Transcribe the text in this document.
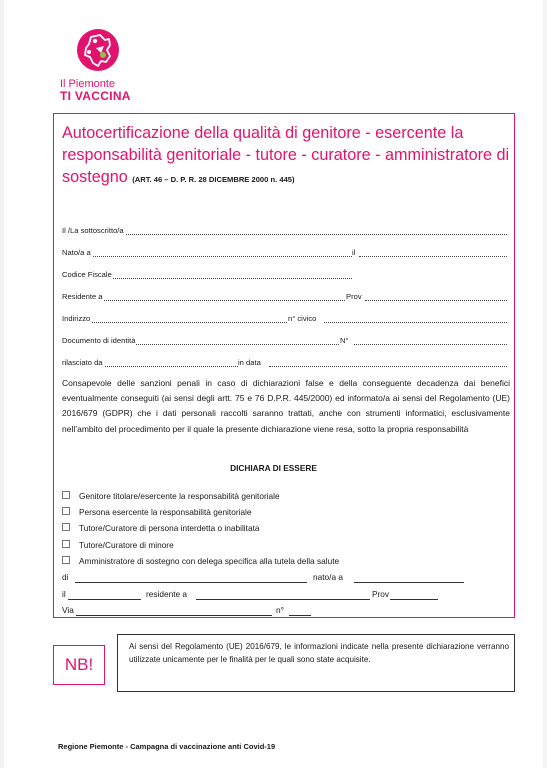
Il Piemonte
TI VACCINA
Autocertificazione della qualità di genitore - esercente la responsabilità genitoriale - tutore - curatore - amministratore di sostegno (ART. 46 – D. P. R. 28 DICEMBRE 2000 n. 445)
Il /La sottoscritto/a
Nato/a a	il
Codice Fiscale
Residente a	Prov
Indirizzo	n° civico
Documento di identità	N°
rilasciato da	in data
Consapevole delle sanzioni penali in caso di dichiarazioni false e della conseguente decadenza dai benefici eventualmente conseguiti (ai sensi degli artt. 75 e 76 D.P.R. 445/2000) ed informato/a ai sensi del Regolamento (UE) 2016/679 (GDPR) che i dati personali raccolti saranno trattati, anche con strumenti informatici, esclusivamente nell’ambito del procedimento per il quale la presente dichiarazione viene resa, sotto la propria responsabilità
DICHIARA DI ESSERE
Genitore titolare/esercente la responsabilità genitoriale
Persona esercente la responsabilità genitoriale
Tutore/Curatore di persona interdetta o inabilitata
Tutore/Curatore di minore
Amministratore di sostegno con delega specifica alla tutela della salute
di	nato/a a
il	residente a	Prov
Via	n°
NB!
Ai sensi del Regolamento (UE) 2016/679, le informazioni indicate nella presente dichiarazione verranno utilizzate unicamente per le finalità per le quali sono state acquisite.
Regione Piemonte - Campagna di vaccinazione anti Covid-19
